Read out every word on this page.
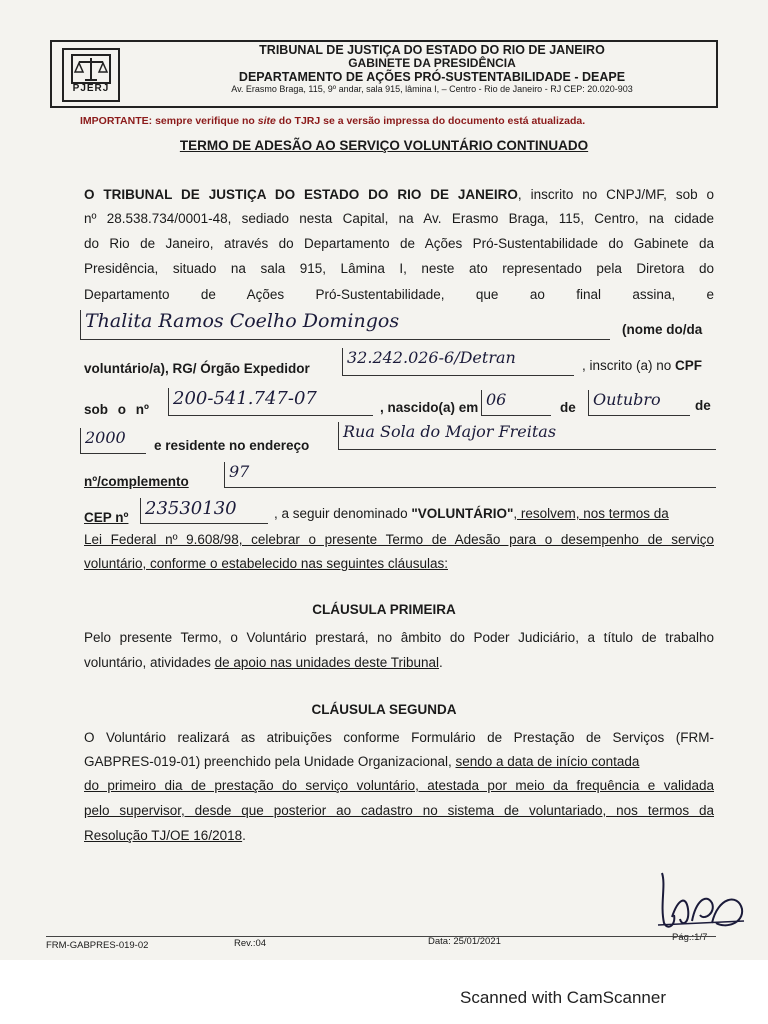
PJERJ
TRIBUNAL DE JUSTIÇA DO ESTADO DO RIO DE JANEIRO
GABINETE DA PRESIDÊNCIA
DEPARTAMENTO DE AÇÕES PRÓ-SUSTENTABILIDADE - DEAPE
Av. Erasmo Braga, 115, 9º andar, sala 915, lâmina I, – Centro - Rio de Janeiro - RJ CEP: 20.020-903
IMPORTANTE: sempre verifique no site do TJRJ se a versão impressa do documento está atualizada.
TERMO DE ADESÃO AO SERVIÇO VOLUNTÁRIO CONTINUADO
O TRIBUNAL DE JUSTIÇA DO ESTADO DO RIO DE JANEIRO, inscrito no CNPJ/MF, sob o
nº 28.538.734/0001-48, sediado nesta Capital, na Av. Erasmo Braga, 115, Centro, na cidade
do Rio de Janeiro, através do Departamento de Ações Pró-Sustentabilidade do Gabinete da
Presidência, situado na sala 915, Lâmina I, neste ato representado pela Diretora do
Departamento de Ações Pró-Sustentabilidade, que ao final assina, e
Thalita Ramos Coelho Domingos	(nome do/da
voluntário/a), RG/ Órgão Expedidor
32.242.026-6/Detran	, inscrito (a) no CPF
sob o nº
200-541.747-07	, nascido(a) em 06	de	Outubro	de
2000	e residente no endereço
Rua Sola do Major Freitas
nº/complemento
97
CEP nº 23530130	, a seguir denominado "VOLUNTÁRIO", resolvem, nos termos da
Lei Federal nº 9.608/98, celebrar o presente Termo de Adesão para o desempenho de serviço
voluntário, conforme o estabelecido nas seguintes cláusulas:
CLÁUSULA PRIMEIRA
Pelo presente Termo, o Voluntário prestará, no âmbito do Poder Judiciário, a título de trabalho
voluntário, atividades de apoio nas unidades deste Tribunal.
CLÁUSULA SEGUNDA
O Voluntário realizará as atribuições conforme Formulário de Prestação de Serviços (FRM-
GABPRES-019-01) preenchido pela Unidade Organizacional, sendo a data de início contada
do primeiro dia de prestação do serviço voluntário, atestada por meio da frequência e validada
pelo supervisor, desde que posterior ao cadastro no sistema de voluntariado, nos termos da
Resolução TJ/OE 16/2018.
FRM-GABPRES-019-02	Rev.:04	Data: 25/01/2021	Pág.:1/7
Scanned with CamScanner
